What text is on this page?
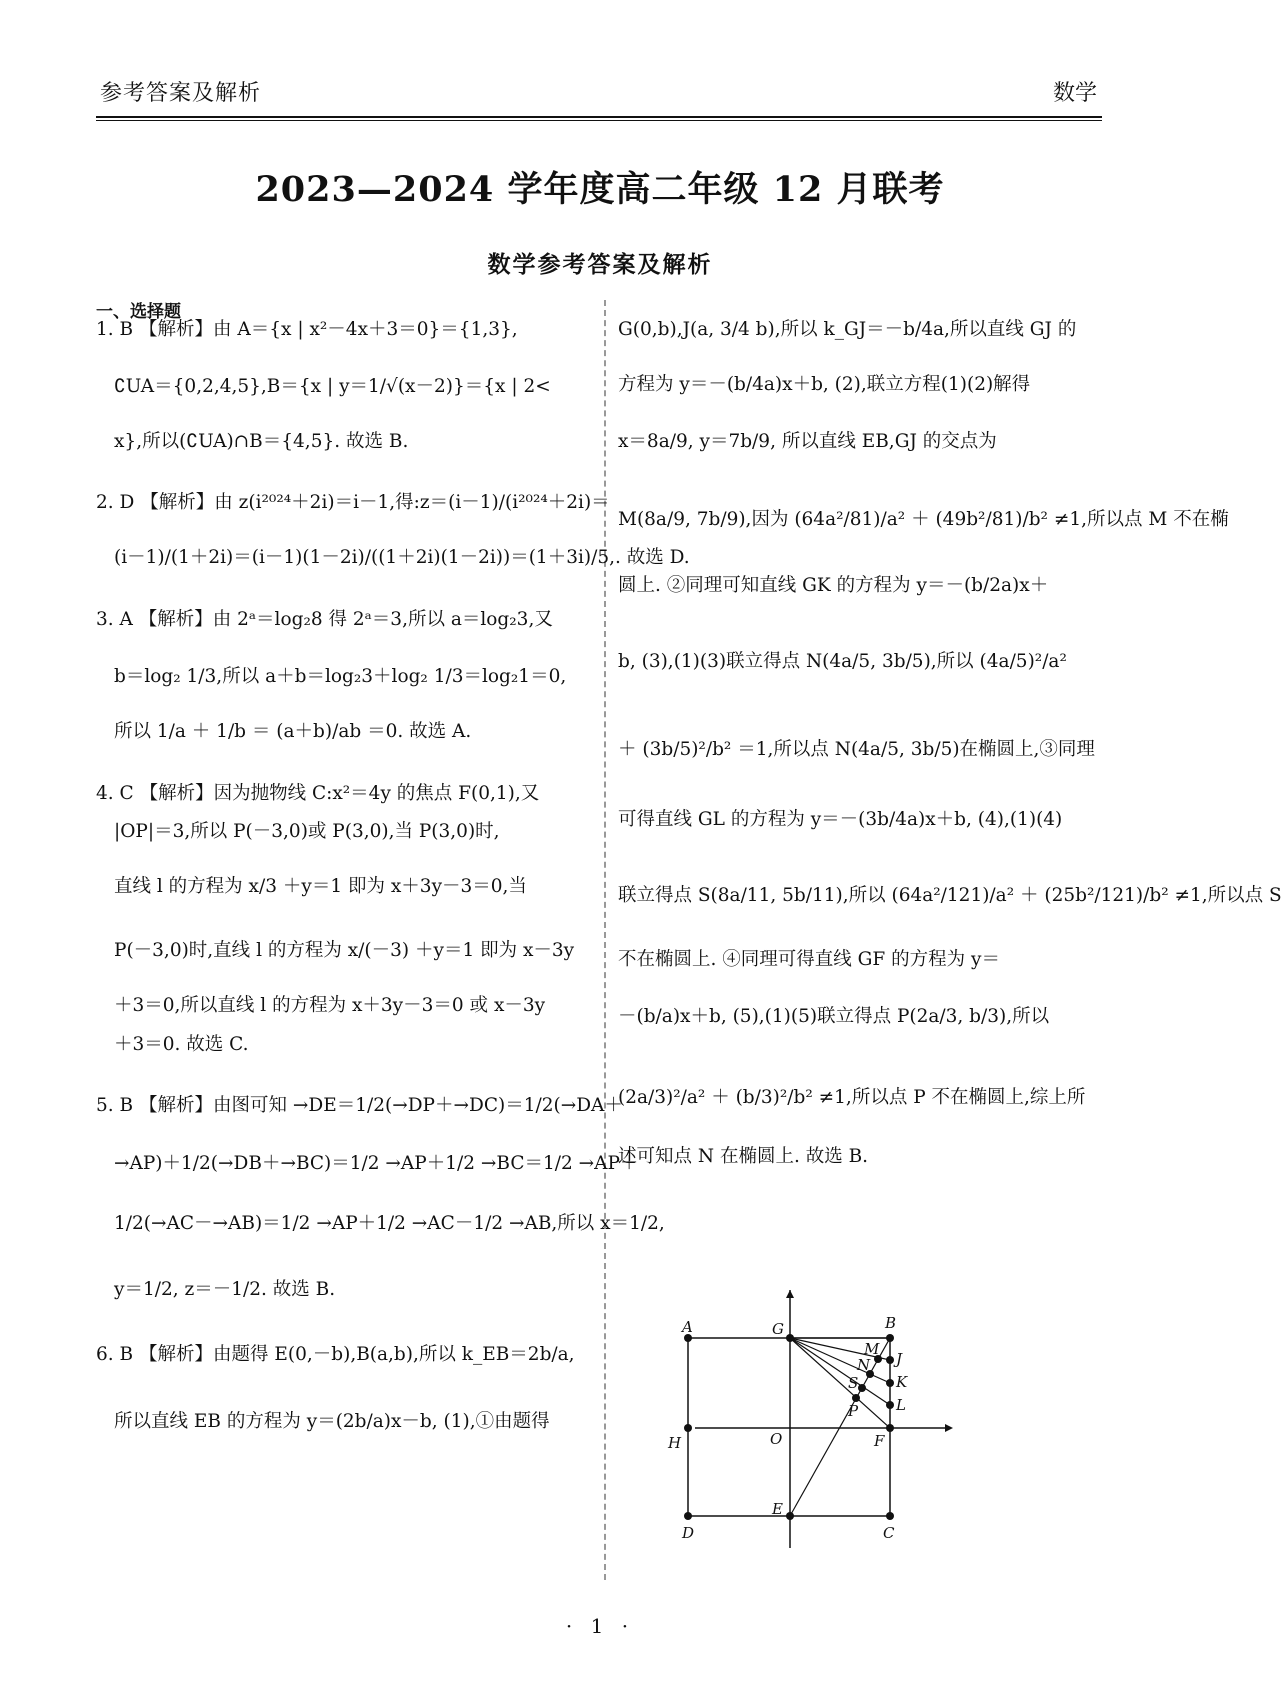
参考答案及解析	数学
2023—2024 学年度高二年级 12 月联考
数学参考答案及解析
一、选择题
1. B 【解析】由 A＝{x | x²－4x＋3＝0}＝{1,3},
∁UA＝{0,2,4,5},B＝{x | y＝1/√(x－2)}＝{x | 2<
x},所以(∁UA)∩B＝{4,5}. 故选 B.
2. D 【解析】由 z(i²⁰²⁴＋2i)＝i－1,得:z＝(i－1)/(i²⁰²⁴＋2i)＝
(i－1)/(1＋2i)＝(i－1)(1－2i)/((1＋2i)(1－2i))＝(1＋3i)/5,. 故选 D.
3. A 【解析】由 2ᵃ＝log₂8 得 2ᵃ＝3,所以 a＝log₂3,又
b＝log₂ 1/3,所以 a＋b＝log₂3＋log₂ 1/3＝log₂1＝0,
所以 1/a ＋ 1/b ＝ (a＋b)/ab ＝0. 故选 A.
4. C 【解析】因为抛物线 C:x²＝4y 的焦点 F(0,1),又
|OP|＝3,所以 P(－3,0)或 P(3,0),当 P(3,0)时,
直线 l 的方程为 x/3 ＋y＝1 即为 x＋3y－3＝0,当
P(－3,0)时,直线 l 的方程为 x/(－3) ＋y＝1 即为 x－3y
＋3＝0,所以直线 l 的方程为 x＋3y－3＝0 或 x－3y
＋3＝0. 故选 C.
5. B 【解析】由图可知 →DE＝1/2(→DP＋→DC)＝1/2(→DA＋
→AP)＋1/2(→DB＋→BC)＝1/2 →AP＋1/2 →BC＝1/2 →AP＋
1/2(→AC－→AB)＝1/2 →AP＋1/2 →AC－1/2 →AB,所以 x＝1/2,
y＝1/2, z＝－1/2. 故选 B.
6. B 【解析】由题得 E(0,－b),B(a,b),所以 k_EB＝2b/a,
所以直线 EB 的方程为 y＝(2b/a)x－b, (1),①由题得
G(0,b),J(a, 3/4 b),所以 k_GJ＝－b/4a,所以直线 GJ 的
方程为 y＝－(b/4a)x＋b, (2),联立方程(1)(2)解得
x＝8a/9, y＝7b/9, 所以直线 EB,GJ 的交点为
M(8a/9, 7b/9),因为 (64a²/81)/a² ＋ (49b²/81)/b² ≠1,所以点 M 不在椭
圆上. ②同理可知直线 GK 的方程为 y＝－(b/2a)x＋
b, (3),(1)(3)联立得点 N(4a/5, 3b/5),所以 (4a/5)²/a²
＋ (3b/5)²/b² ＝1,所以点 N(4a/5, 3b/5)在椭圆上,③同理
可得直线 GL 的方程为 y＝－(3b/4a)x＋b, (4),(1)(4)
联立得点 S(8a/11, 5b/11),所以 (64a²/121)/a² ＋ (25b²/121)/b² ≠1,所以点 S
不在椭圆上. ④同理可得直线 GF 的方程为 y＝
－(b/a)x＋b, (5),(1)(5)联立得点 P(2a/3, b/3),所以
(2a/3)²/a² ＋ (b/3)²/b² ≠1,所以点 P 不在椭圆上,综上所
述可知点 N 在椭圆上. 故选 B.
A	G	B
M
J
N
K
S
L
P
H	O	F
D
E
C
· 1 ·
